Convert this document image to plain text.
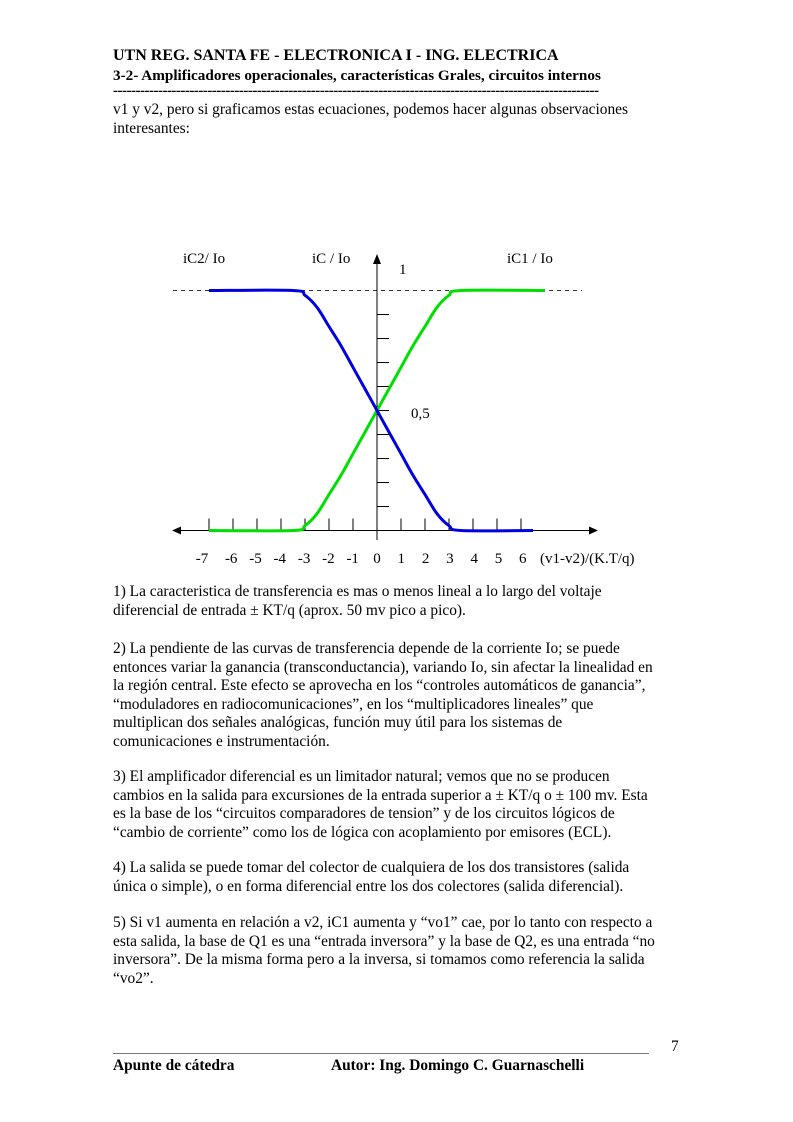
UTN REG. SANTA FE - ELECTRONICA I - ING. ELECTRICA
3-2- Amplificadores operacionales, características Grales, circuitos internos
------------------------------------------------------------------------------------------------------------
v1 y v2, pero si graficamos estas ecuaciones, podemos hacer algunas observaciones
interesantes:
iC2/ Io	iC / Io	iC1 / Io
1
0,5
-7 -6 -5 -4 -3 -2 -1 0 1 2 3 4 5 6 (v1-v2)/(K.T/q)
1) La caracteristica de transferencia es mas o menos lineal a lo largo del voltaje
diferencial de entrada ± KT/q (aprox. 50 mv pico a pico).
2) La pendiente de las curvas de transferencia depende de la corriente Io; se puede
entonces variar la ganancia (transconductancia), variando Io, sin afectar la linealidad en
la región central. Este efecto se aprovecha en los “controles automáticos de ganancia”,
“moduladores en radiocomunicaciones”, en los “multiplicadores lineales” que
multiplican dos señales analógicas, función muy útil para los sistemas de
comunicaciones e instrumentación.
3) El amplificador diferencial es un limitador natural; vemos que no se producen
cambios en la salida para excursiones de la entrada superior a ± KT/q o ± 100 mv. Esta
es la base de los “circuitos comparadores de tension” y de los circuitos lógicos de
“cambio de corriente” como los de lógica con acoplamiento por emisores (ECL).
4) La salida se puede tomar del colector de cualquiera de los dos transistores (salida
única o simple), o en forma diferencial entre los dos colectores (salida diferencial).
5) Si v1 aumenta en relación a v2, iC1 aumenta y “vo1” cae, por lo tanto con respecto a
esta salida, la base de Q1 es una “entrada inversora” y la base de Q2, es una entrada “no
inversora”. De la misma forma pero a la inversa, si tomamos como referencia la salida
“vo2”.
7
Apunte de cátedra	Autor: Ing. Domingo C. Guarnaschelli
